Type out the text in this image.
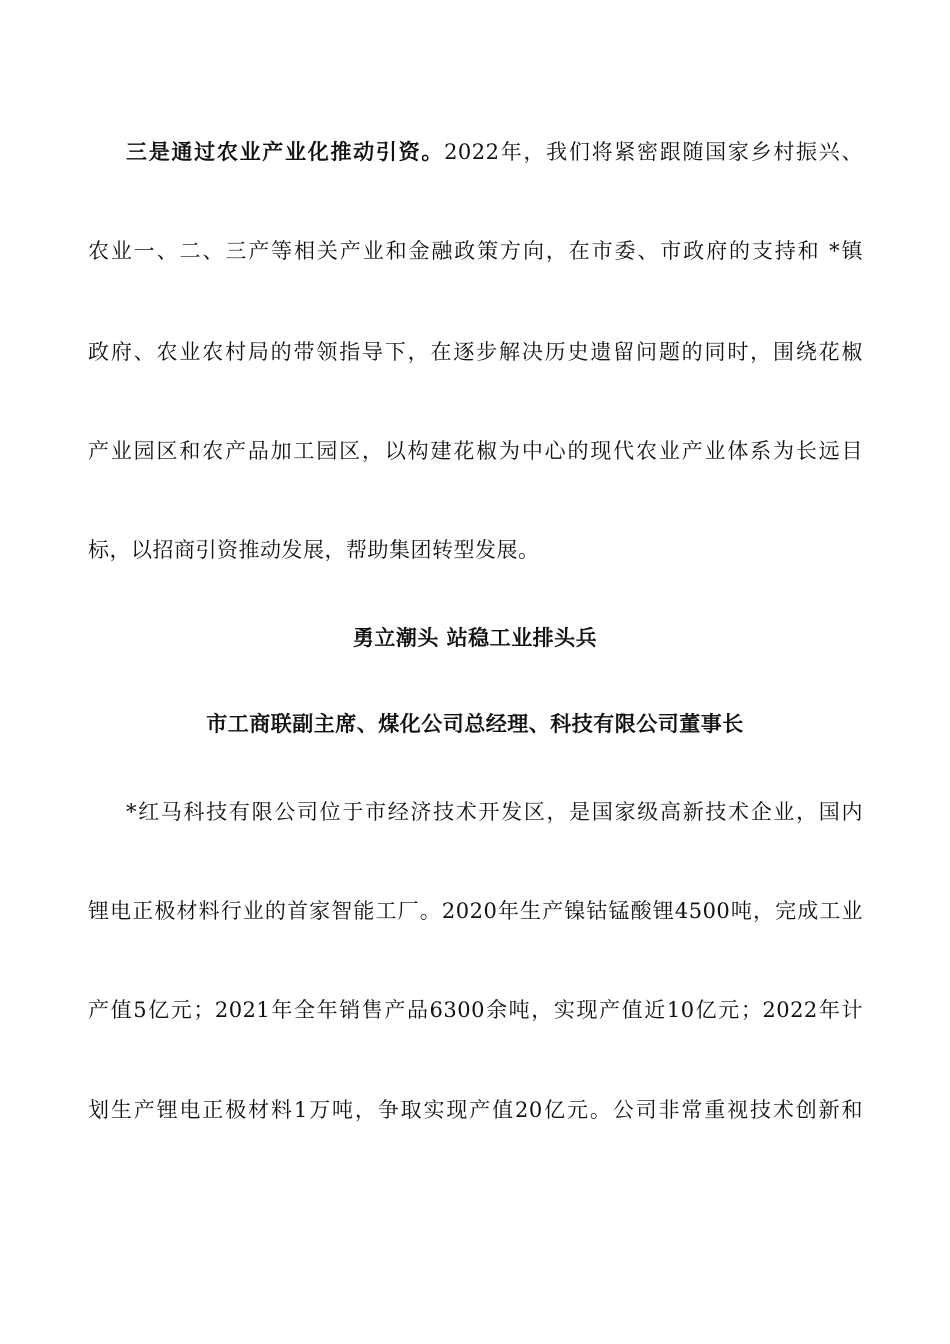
三是通过农业产业化推动引资。2022年，我们将紧密跟随国家乡村振兴、
农业一、二、三产等相关产业和金融政策方向，在市委、市政府的支持和 *镇
政府、农业农村局的带领指导下，在逐步解决历史遗留问题的同时，围绕花椒
产业园区和农产品加工园区，以构建花椒为中心的现代农业产业体系为长远目
标，以招商引资推动发展，帮助集团转型发展。
勇立潮头 站稳工业排头兵
市工商联副主席、煤化公司总经理、科技有限公司董事长
*红马科技有限公司位于市经济技术开发区，是国家级高新技术企业，国内
锂电正极材料行业的首家智能工厂。2020年生产镍钴锰酸锂4500吨，完成工业
产值5亿元；2021年全年销售产品6300余吨，实现产值近10亿元；2022年计
划生产锂电正极材料1万吨，争取实现产值20亿元。公司非常重视技术创新和
